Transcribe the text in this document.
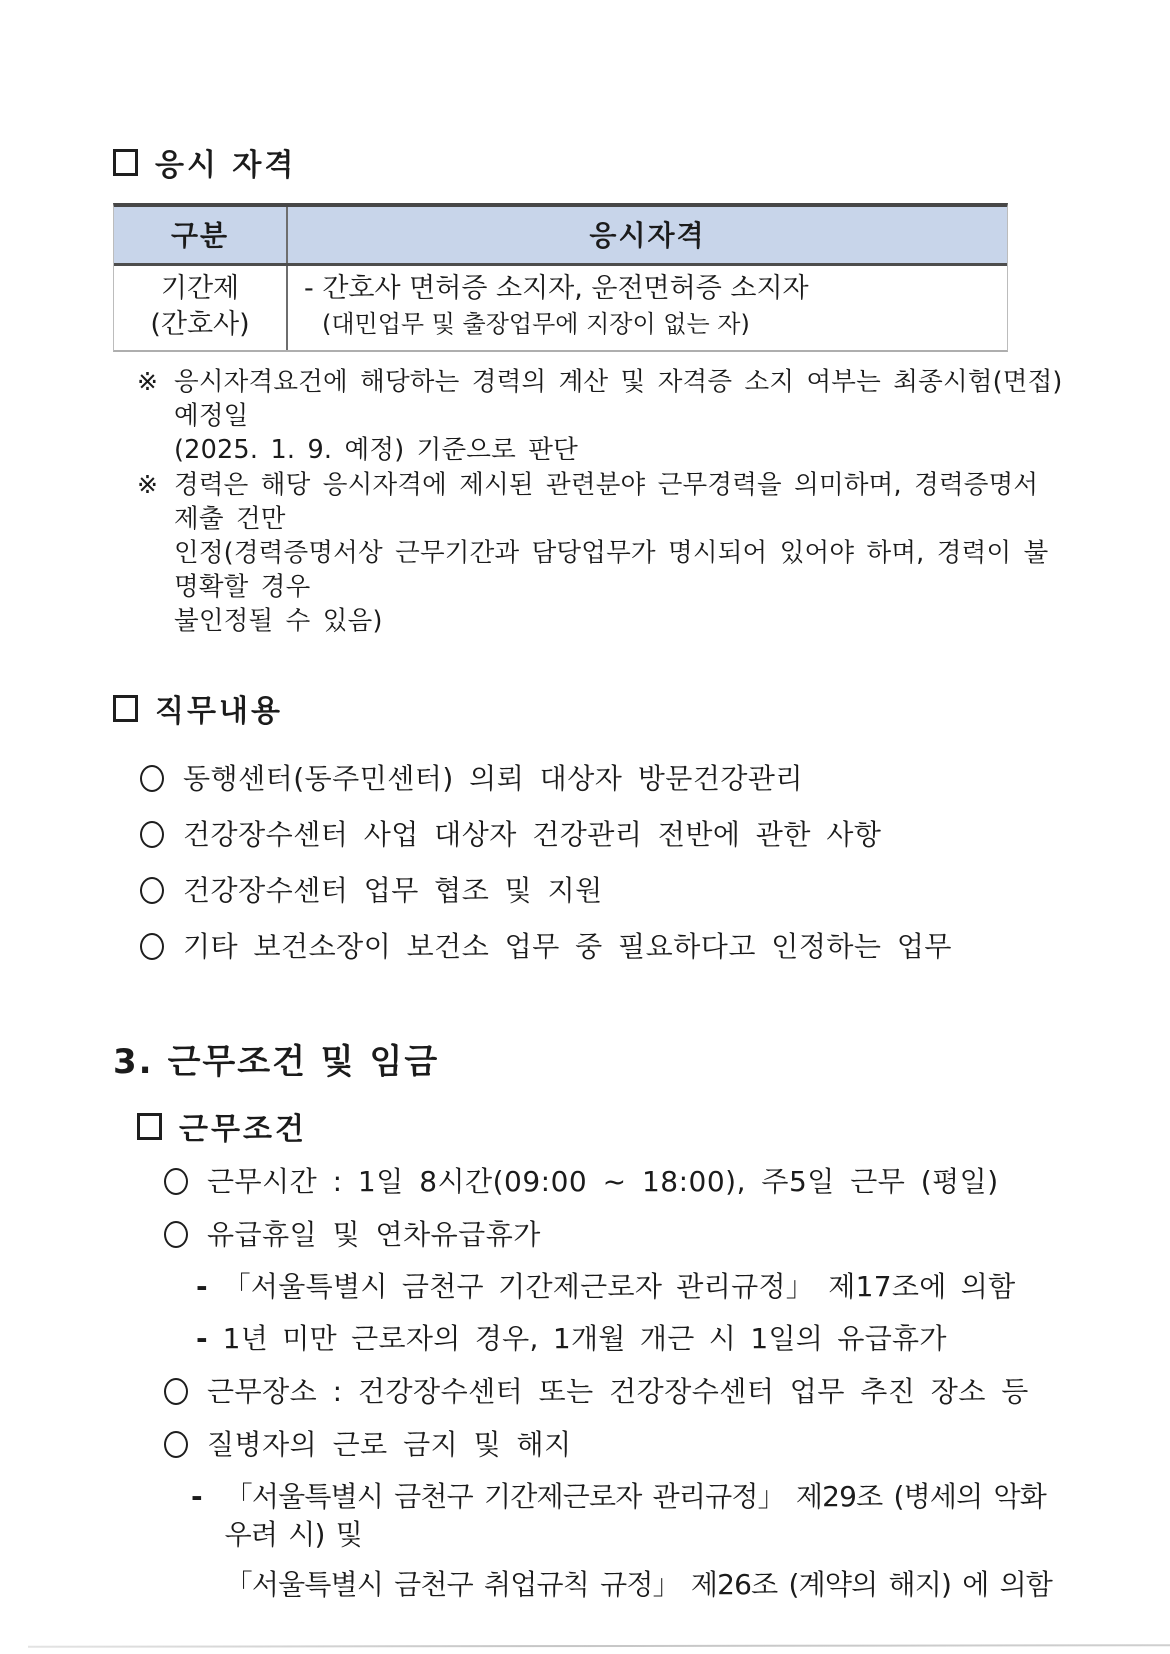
응시 자격
구분	응시자격
기간제
(간호사)
- 간호사 면허증 소지자, 운전면허증 소지자
(대민업무 및 출장업무에 지장이 없는 자)
※ 응시자격요건에 해당하는 경력의 계산 및 자격증 소지 여부는 최종시험(면접) 예정일
(2025. 1. 9. 예정) 기준으로 판단
※ 경력은 해당 응시자격에 제시된 관련분야 근무경력을 의미하며, 경력증명서 제출 건만
인정(경력증명서상 근무기간과 담당업무가 명시되어 있어야 하며, 경력이 불명확할 경우
불인정될 수 있음)
직무내용
동행센터(동주민센터) 의뢰 대상자 방문건강관리
건강장수센터 사업 대상자 건강관리 전반에 관한 사항
건강장수센터 업무 협조 및 지원
기타 보건소장이 보건소 업무 중 필요하다고 인정하는 업무
3. 근무조건 및 임금
근무조건
근무시간 : 1일 8시간(09:00 ~ 18:00), 주5일 근무 (평일)
유급휴일 및 연차유급휴가
- 「서울특별시 금천구 기간제근로자 관리규정」 제17조에 의함
- 1년 미만 근로자의 경우, 1개월 개근 시 1일의 유급휴가
근무장소 : 건강장수센터 또는 건강장수센터 업무 추진 장소 등
질병자의 근로 금지 및 해지
- 「서울특별시 금천구 기간제근로자 관리규정」 제29조 (병세의 악화 우려 시) 및
「서울특별시 금천구 취업규칙 규정」 제26조 (계약의 해지) 에 의함
